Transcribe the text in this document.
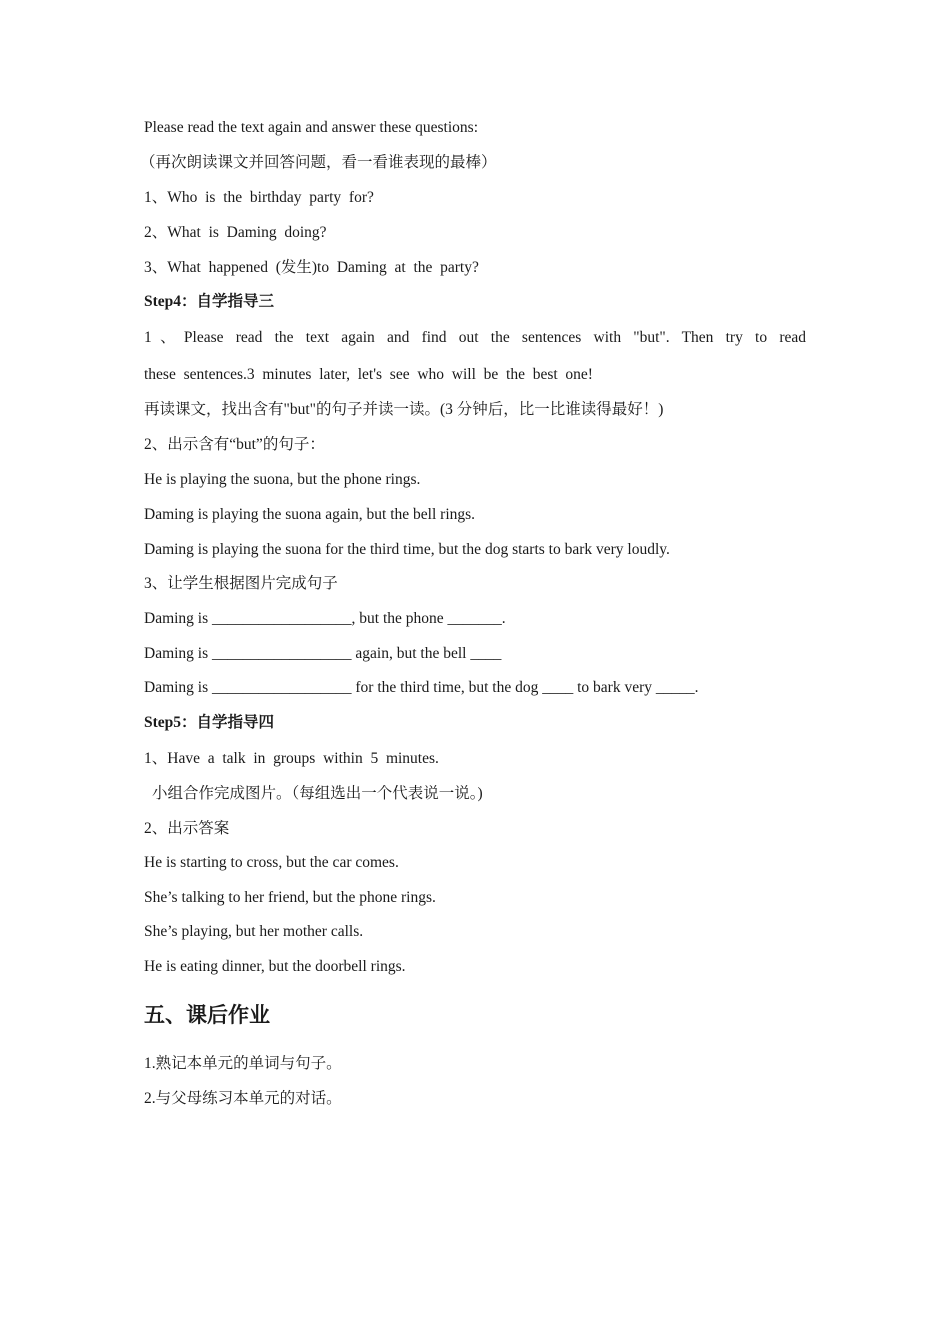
Please read the text again and answer these questions:
（再次朗读课文并回答问题，看一看谁表现的最棒）
1、Who  is  the  birthday  party  for?
2、What  is  Daming  doing?
3、What  happened  (发生)to  Daming  at  the  party?
Step4：自学指导三
1、Please read the text again and find out the sentences with "but". Then try to read
these  sentences.3  minutes  later,  let's  see  who  will  be  the  best  one!
再读课文，找出含有"but"的句子并读一读。(3 分钟后，比一比谁读得最好！)
2、出示含有“but”的句子：
He is playing the suona, but the phone rings.
Daming is playing the suona again, but the bell rings.
Daming is playing the suona for the third time, but the dog starts to bark very loudly.
3、让学生根据图片完成句子
Daming is __________________, but the phone _______.
Daming is __________________ again, but the bell ____
Daming is __________________ for the third time, but the dog ____ to bark very _____.
Step5：自学指导四
1、Have  a  talk  in  groups  within  5  minutes.
小组合作完成图片。（每组选出一个代表说一说。)
2、出示答案
He is starting to cross, but the car comes.
She’s talking to her friend, but the phone rings.
She’s playing, but her mother calls.
He is eating dinner, but the doorbell rings.
五、课后作业
1.熟记本单元的单词与句子。
2.与父母练习本单元的对话。
